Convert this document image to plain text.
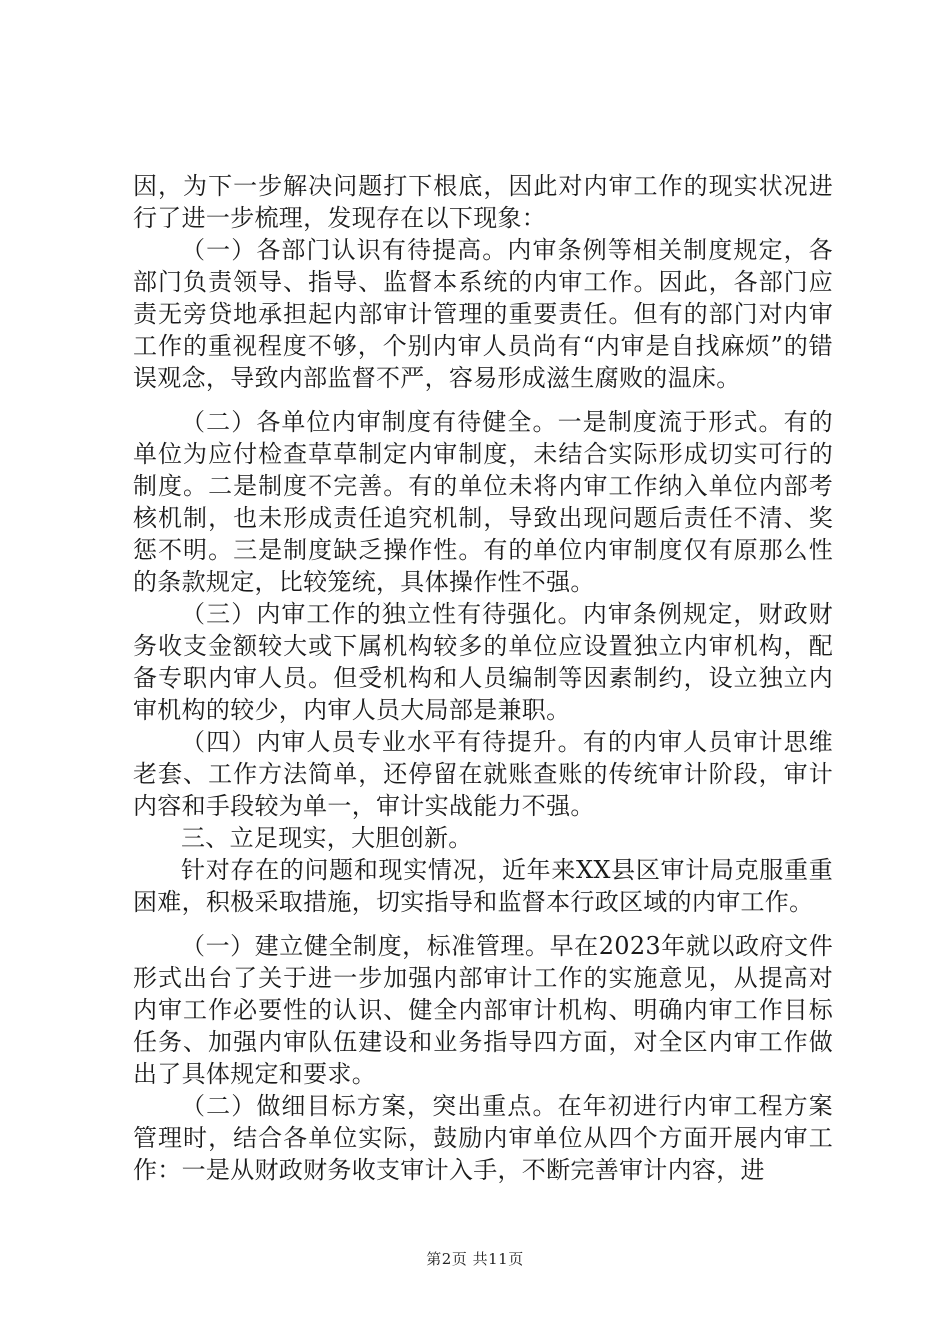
因，为下一步解决问题打下根底，因此对内审工作的现实状况进行了进一步梳理，发现存在以下现象：

（一）各部门认识有待提高。内审条例等相关制度规定，各部门负责领导、指导、监督本系统的内审工作。因此，各部门应责无旁贷地承担起内部审计管理的重要责任。但有的部门对内审工作的重视程度不够，个别内审人员尚有“内审是自找麻烦”的错误观念，导致内部监督不严，容易形成滋生腐败的温床。

（二）各单位内审制度有待健全。一是制度流于形式。有的单位为应付检查草草制定内审制度，未结合实际形成切实可行的制度。二是制度不完善。有的单位未将内审工作纳入单位内部考核机制，也未形成责任追究机制，导致出现问题后责任不清、奖惩不明。三是制度缺乏操作性。有的单位内审制度仅有原那么性的条款规定，比较笼统，具体操作性不强。

（三）内审工作的独立性有待强化。内审条例规定，财政财务收支金额较大或下属机构较多的单位应设置独立内审机构，配备专职内审人员。但受机构和人员编制等因素制约，设立独立内审机构的较少，内审人员大局部是兼职。

（四）内审人员专业水平有待提升。有的内审人员审计思维老套、工作方法简单，还停留在就账查账的传统审计阶段，审计内容和手段较为单一，审计实战能力不强。

三、立足现实，大胆创新。

针对存在的问题和现实情况，近年来XX县区审计局克服重重困难，积极采取措施，切实指导和监督本行政区域的内审工作。

（一）建立健全制度，标准管理。早在2023年就以政府文件形式出台了关于进一步加强内部审计工作的实施意见，从提高对内审工作必要性的认识、健全内部审计机构、明确内审工作目标任务、加强内审队伍建设和业务指导四方面，对全区内审工作做出了具体规定和要求。

（二）做细目标方案，突出重点。在年初进行内审工程方案管理时，结合各单位实际，鼓励内审单位从四个方面开展内审工作：一是从财政财务收支审计入手，不断完善审计内容，进

第2页 共11页
